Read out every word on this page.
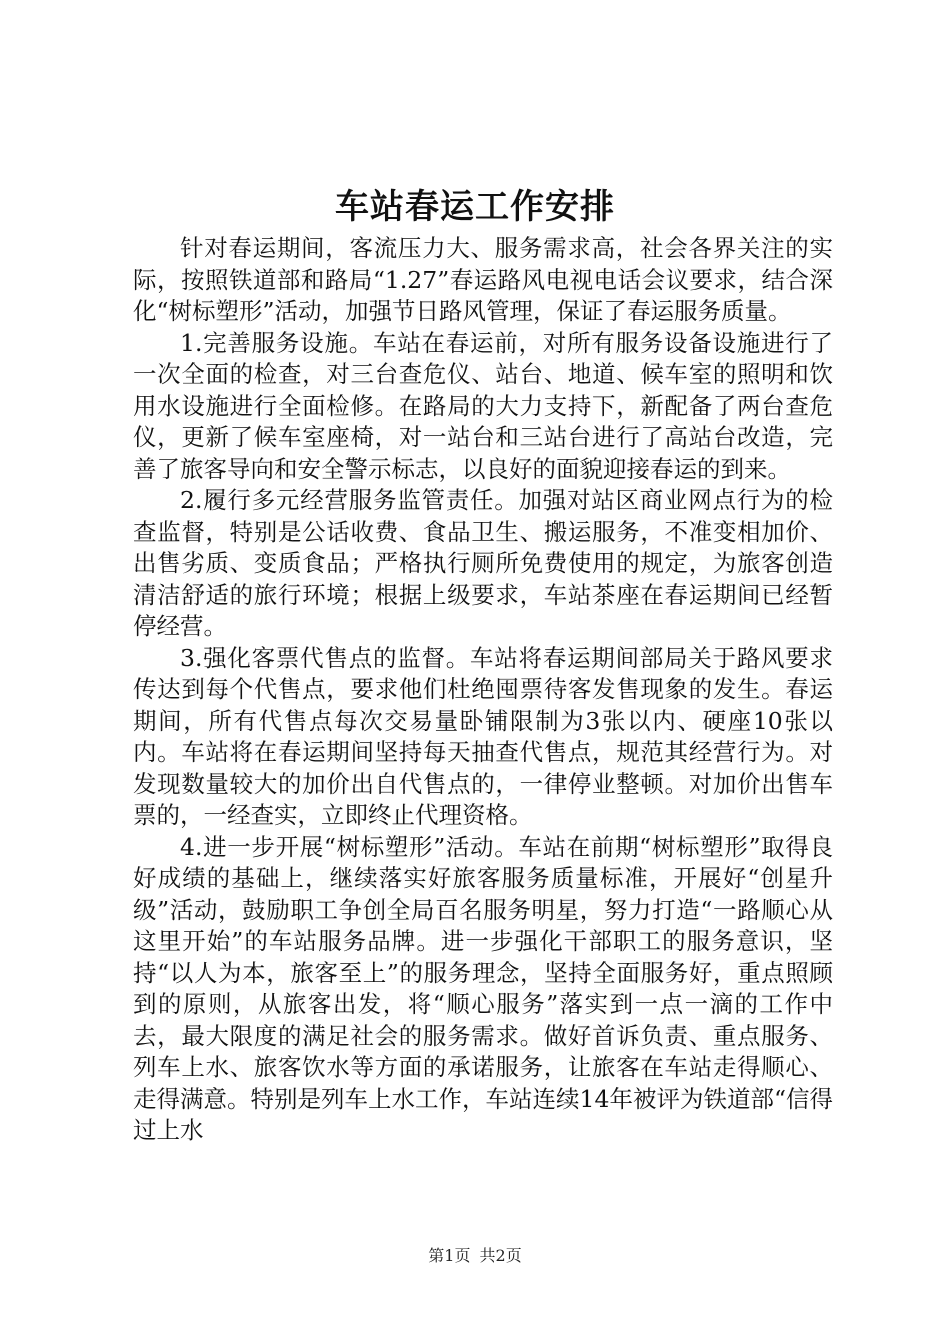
车站春运工作安排

针对春运期间，客流压力大、服务需求高，社会各界关注的实际，按照铁道部和路局“1.27”春运路风电视电话会议要求，结合深化“树标塑形”活动，加强节日路风管理，保证了春运服务质量。

1.完善服务设施。车站在春运前，对所有服务设备设施进行了一次全面的检查，对三台查危仪、站台、地道、候车室的照明和饮用水设施进行全面检修。在路局的大力支持下，新配备了两台查危仪，更新了候车室座椅，对一站台和三站台进行了高站台改造，完善了旅客导向和安全警示标志，以良好的面貌迎接春运的到来。

2.履行多元经营服务监管责任。加强对站区商业网点行为的检查监督，特别是公话收费、食品卫生、搬运服务，不准变相加价、出售劣质、变质食品；严格执行厕所免费使用的规定，为旅客创造清洁舒适的旅行环境；根据上级要求，车站茶座在春运期间已经暂停经营。

3.强化客票代售点的监督。车站将春运期间部局关于路风要求传达到每个代售点，要求他们杜绝囤票待客发售现象的发生。春运期间，所有代售点每次交易量卧铺限制为3张以内、硬座10张以内。车站将在春运期间坚持每天抽查代售点，规范其经营行为。对发现数量较大的加价出自代售点的，一律停业整顿。对加价出售车票的，一经查实，立即终止代理资格。

4.进一步开展“树标塑形”活动。车站在前期“树标塑形”取得良好成绩的基础上，继续落实好旅客服务质量标准，开展好“创星升级”活动，鼓励职工争创全局百名服务明星，努力打造“一路顺心从这里开始”的车站服务品牌。进一步强化干部职工的服务意识，坚持“以人为本，旅客至上”的服务理念，坚持全面服务好，重点照顾到的原则，从旅客出发，将“顺心服务”落实到一点一滴的工作中去，最大限度的满足社会的服务需求。做好首诉负责、重点服务、列车上水、旅客饮水等方面的承诺服务，让旅客在车站走得顺心、走得满意。特别是列车上水工作，车站连续14年被评为铁道部“信得过上水

第1页 共2页
